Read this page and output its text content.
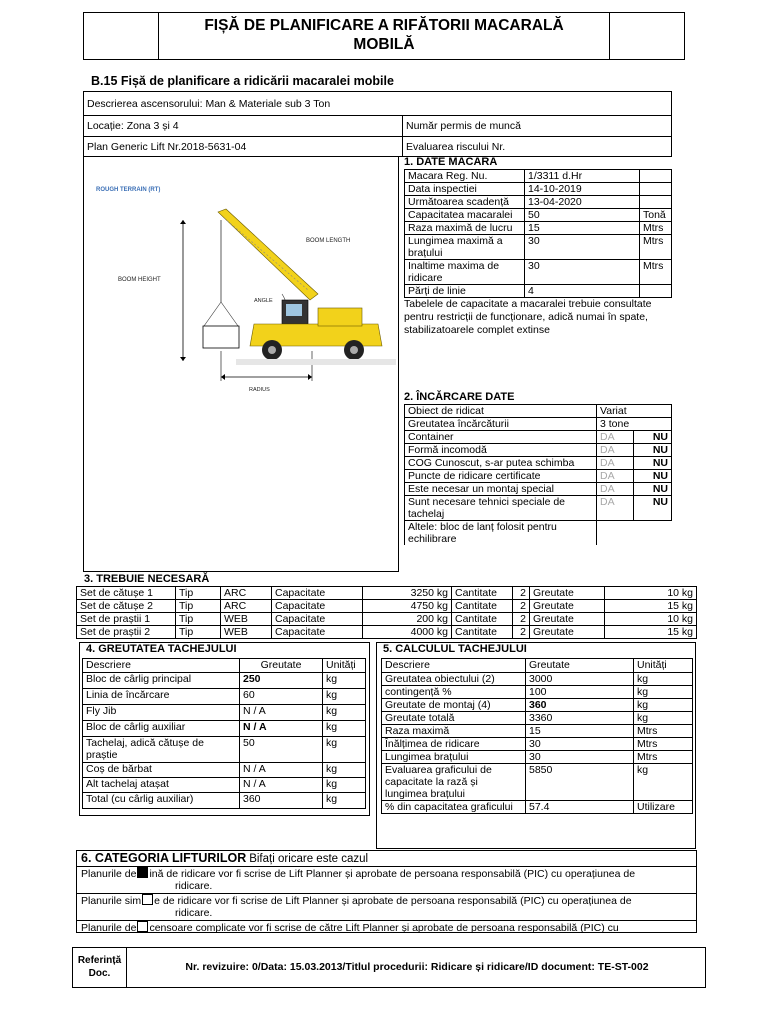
FIȘĂ DE PLANIFICARE A RIFĂTORII MACARALĂ
MOBILĂ
B.15 Fișă de planificare a ridicării macaralei mobile
Descrierea ascensorului: Man & Materiale sub 3 Ton	
Locație: Zona 3 și 4	Număr permis de muncă
Plan Generic Lift Nr.2018-5631-04	Evaluarea riscului Nr.
ROUGH TERRAIN (RT)
BOOM LENGTH
BOOM HEIGHT
ANGLE
RADIUS
1. DATE MACARA
Macara Reg. Nu.	1/3311 d.Hr	
Data inspectiei	14-10-2019	
Următoarea scadență	13-04-2020	
Capacitatea macaralei	50	Tonă
Raza maximă de lucru	15	Mtrs
Lungimea maximă a brațului	30	Mtrs
Inaltime maxima de ridicare	30	Mtrs
Părți de linie	4	
Tabelele de capacitate a macaralei trebuie consultate pentru restricții de funcționare, adică numai în spate, stabilizatoarele complet extinse
2. ÎNCĂRCARE DATE
Obiect de ridicat	Variat	
Greutatea încărcăturii	3 tone	
Container	DA	NU
Formă incomodă	DA	NU
COG Cunoscut, s-ar putea schimba	DA	NU
Puncte de ridicare certificate	DA	NU
Este necesar un montaj special	DA	NU
Sunt necesare tehnici speciale de tachelaj	DA	NU
Altele: bloc de lanț folosit pentru echilibrare		
3. TREBUIE NECESARĂ
Set de cătușe 1	Tip	ARC	Capacitate	3250 kg	Cantitate	2	Greutate	10 kg
Set de cătușe 2	Tip	ARC	Capacitate	4750 kg	Cantitate	2	Greutate	15 kg
Set de praștii 1	Tip	WEB	Capacitate	200 kg	Cantitate	2	Greutate	10 kg
Set de praștii 2	Tip	WEB	Capacitate	4000 kg	Cantitate	2	Greutate	15 kg
4. GREUTATEA TACHEJULUI
Descriere	Greutate	Unități
Bloc de cârlig principal	250	kg
Linia de încărcare	60	kg
Fly Jib	N / A	kg
Bloc de cârlig auxiliar	N / A	kg
Tachelaj, adică cătușe de praștie	50	kg
Coș de bărbat	N / A	kg
Alt tachelaj atașat	N / A	kg
Total (cu cârlig auxiliar)	360	kg
5. CALCULUL TACHEJULUI
Descriere	Greutate	Unități
Greutatea obiectului (2)	3000	kg
contingență %	100	kg
Greutate de montaj (4)	360	kg
Greutate totală	3360	kg
Raza maximă	15	Mtrs
Înălțimea de ridicare	30	Mtrs
Lungimea brațului	30	Mtrs
Evaluarea graficului de capacitate la rază și lungimea brațului	5850	kg
% din capacitatea graficului	57.4	Utilizare
6. CATEGORIA LIFTURILOR Bifați oricare este cazul
Planurile de ină de ridicare vor fi scrise de Lift Planner și aprobate de persoana responsabilă (PIC) cu operațiunea de
ridicare.
Planurile sim e de ridicare vor fi scrise de Lift Planner și aprobate de persoana responsabilă (PIC) cu operațiunea de
ridicare.
Planurile de censoare complicate vor fi scrise de către Lift Planner și aprobate de persoana responsabilă (PIC) cu
Referință Doc.
Nr. revizuire: 0/Data: 15.03.2013/Titlul procedurii: Ridicare și ridicare/ID document: TE-ST-002
